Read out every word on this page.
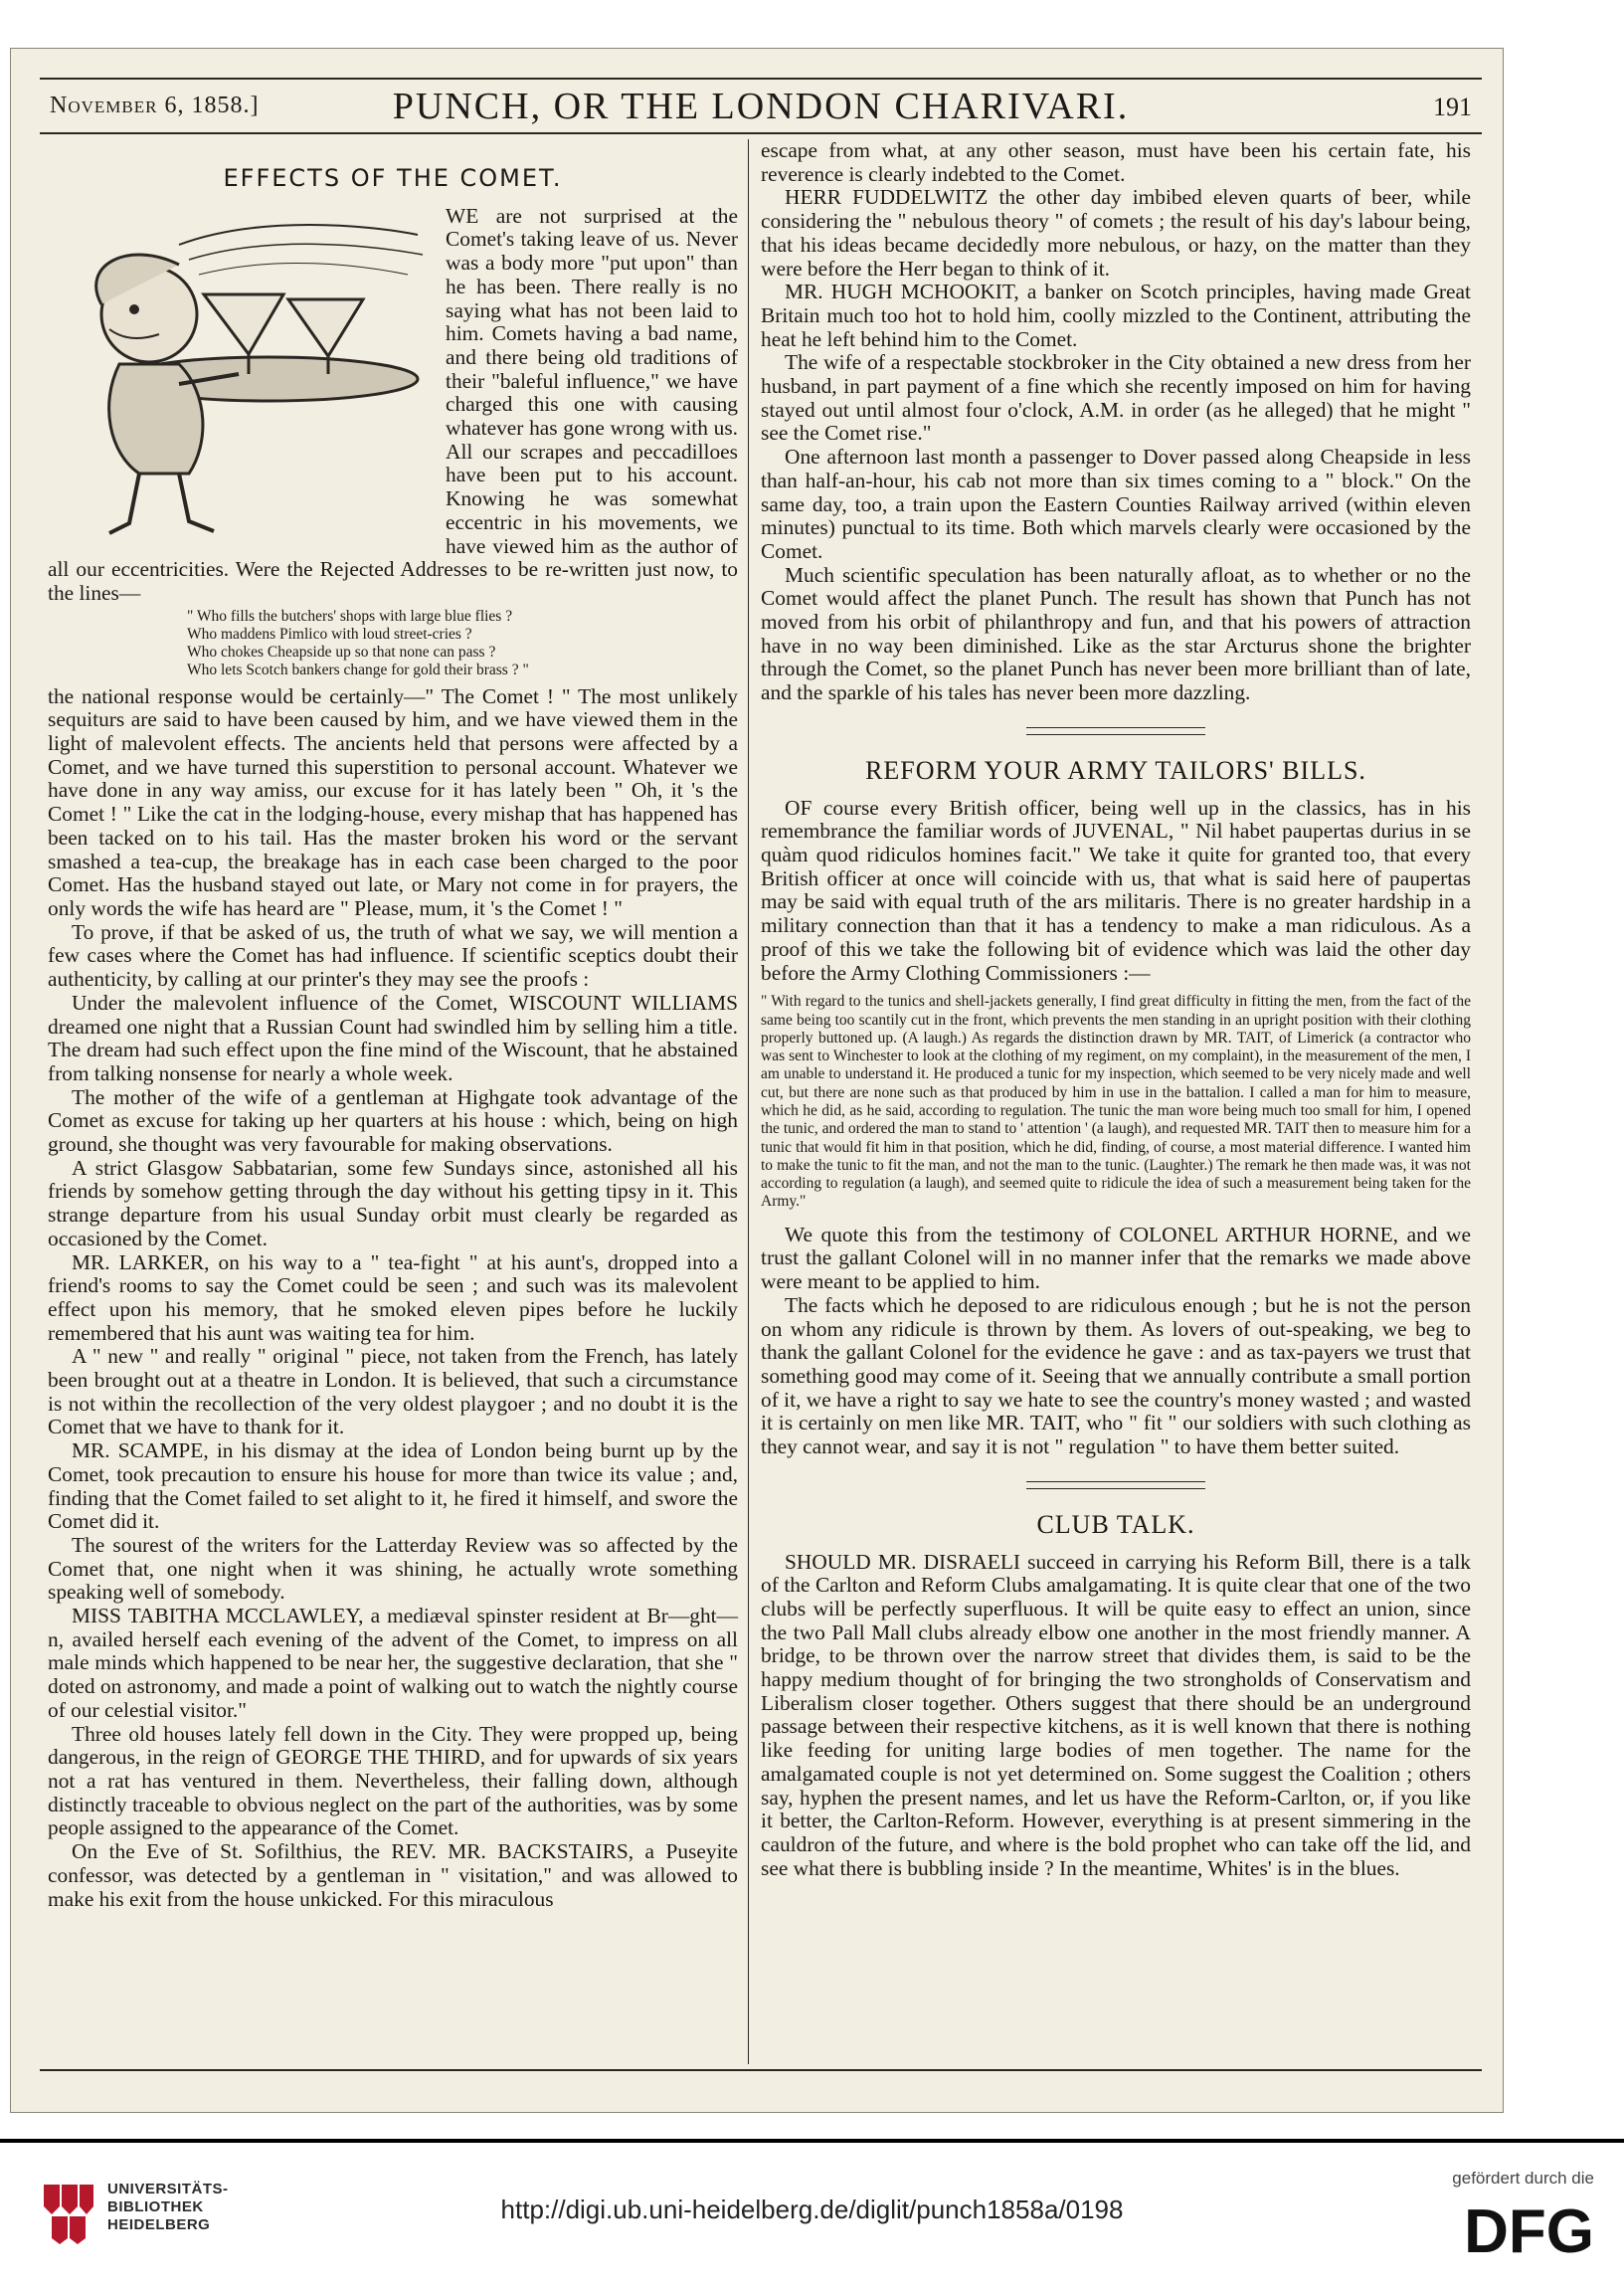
November 6, 1858.]	PUNCH, OR THE LONDON CHARIVARI.	191
EFFECTS OF THE COMET.

WE are not surprised at the Comet's taking leave of us. Never was a body more "put upon" than he has been. There really is no saying what has not been laid to him. Comets having a bad name, and there being old traditions of their "baleful influence," we have charged this one with causing whatever has gone wrong with us. All our scrapes and peccadilloes have been put to his account. Knowing he was somewhat eccentric in his movements, we have viewed him as the author of all our eccentricities. Were the Rejected Addresses to be re-written just now, to the lines—

" Who fills the butchers' shops with large blue flies ?
Who maddens Pimlico with loud street-cries ?
Who chokes Cheapside up so that none can pass ?
Who lets Scotch bankers change for gold their brass ? "

the national response would be certainly—" The Comet ! " The most unlikely sequiturs are said to have been caused by him, and we have viewed them in the light of malevolent effects. The ancients held that persons were affected by a Comet, and we have turned this superstition to personal account. Whatever we have done in any way amiss, our excuse for it has lately been " Oh, it 's the Comet ! " Like the cat in the lodging-house, every mishap that has happened has been tacked on to his tail. Has the master broken his word or the servant smashed a tea-cup, the breakage has in each case been charged to the poor Comet. Has the husband stayed out late, or Mary not come in for prayers, the only words the wife has heard are " Please, mum, it 's the Comet ! "

To prove, if that be asked of us, the truth of what we say, we will mention a few cases where the Comet has had influence. If scientific sceptics doubt their authenticity, by calling at our printer's they may see the proofs :

Under the malevolent influence of the Comet, WISCOUNT WILLIAMS dreamed one night that a Russian Count had swindled him by selling him a title. The dream had such effect upon the fine mind of the Wiscount, that he abstained from talking nonsense for nearly a whole week.

The mother of the wife of a gentleman at Highgate took advantage of the Comet as excuse for taking up her quarters at his house : which, being on high ground, she thought was very favourable for making observations.

A strict Glasgow Sabbatarian, some few Sundays since, astonished all his friends by somehow getting through the day without his getting tipsy in it. This strange departure from his usual Sunday orbit must clearly be regarded as occasioned by the Comet.

MR. LARKER, on his way to a " tea-fight " at his aunt's, dropped into a friend's rooms to say the Comet could be seen ; and such was its malevolent effect upon his memory, that he smoked eleven pipes before he luckily remembered that his aunt was waiting tea for him.

A " new " and really " original " piece, not taken from the French, has lately been brought out at a theatre in London. It is believed, that such a circumstance is not within the recollection of the very oldest playgoer ; and no doubt it is the Comet that we have to thank for it.

MR. SCAMPE, in his dismay at the idea of London being burnt up by the Comet, took precaution to ensure his house for more than twice its value ; and, finding that the Comet failed to set alight to it, he fired it himself, and swore the Comet did it.

The sourest of the writers for the Latterday Review was so affected by the Comet that, one night when it was shining, he actually wrote something speaking well of somebody.

MISS TABITHA MCCLAWLEY, a mediæval spinster resident at Br—ght—n, availed herself each evening of the advent of the Comet, to impress on all male minds which happened to be near her, the suggestive declaration, that she " doted on astronomy, and made a point of walking out to watch the nightly course of our celestial visitor."

Three old houses lately fell down in the City. They were propped up, being dangerous, in the reign of GEORGE THE THIRD, and for upwards of six years not a rat has ventured in them. Nevertheless, their falling down, although distinctly traceable to obvious neglect on the part of the authorities, was by some people assigned to the appearance of the Comet.

On the Eve of St. Sofilthius, the REV. MR. BACKSTAIRS, a Puseyite confessor, was detected by a gentleman in " visitation," and was allowed to make his exit from the house unkicked. For this miraculous

escape from what, at any other season, must have been his certain fate, his reverence is clearly indebted to the Comet.

HERR FUDDELWITZ the other day imbibed eleven quarts of beer, while considering the " nebulous theory " of comets ; the result of his day's labour being, that his ideas became decidedly more nebulous, or hazy, on the matter than they were before the Herr began to think of it.

MR. HUGH MCHOOKIT, a banker on Scotch principles, having made Great Britain much too hot to hold him, coolly mizzled to the Continent, attributing the heat he left behind him to the Comet.

The wife of a respectable stockbroker in the City obtained a new dress from her husband, in part payment of a fine which she recently imposed on him for having stayed out until almost four o'clock, A.M. in order (as he alleged) that he might " see the Comet rise."

One afternoon last month a passenger to Dover passed along Cheapside in less than half-an-hour, his cab not more than six times coming to a " block." On the same day, too, a train upon the Eastern Counties Railway arrived (within eleven minutes) punctual to its time. Both which marvels clearly were occasioned by the Comet.

Much scientific speculation has been naturally afloat, as to whether or no the Comet would affect the planet Punch. The result has shown that Punch has not moved from his orbit of philanthropy and fun, and that his powers of attraction have in no way been diminished. Like as the star Arcturus shone the brighter through the Comet, so the planet Punch has never been more brilliant than of late, and the sparkle of his tales has never been more dazzling.

REFORM YOUR ARMY TAILORS' BILLS.

OF course every British officer, being well up in the classics, has in his remembrance the familiar words of JUVENAL, " Nil habet paupertas durius in se quàm quod ridiculos homines facit." We take it quite for granted too, that every British officer at once will coincide with us, that what is said here of paupertas may be said with equal truth of the ars militaris. There is no greater hardship in a military connection than that it has a tendency to make a man ridiculous. As a proof of this we take the following bit of evidence which was laid the other day before the Army Clothing Commissioners :—

" With regard to the tunics and shell-jackets generally, I find great difficulty in fitting the men, from the fact of the same being too scantily cut in the front, which prevents the men standing in an upright position with their clothing properly buttoned up. (A laugh.) As regards the distinction drawn by MR. TAIT, of Limerick (a contractor who was sent to Winchester to look at the clothing of my regiment, on my complaint), in the measurement of the men, I am unable to understand it. He produced a tunic for my inspection, which seemed to be very nicely made and well cut, but there are none such as that produced by him in use in the battalion. I called a man for him to measure, which he did, as he said, according to regulation. The tunic the man wore being much too small for him, I opened the tunic, and ordered the man to stand to ' attention ' (a laugh), and requested MR. TAIT then to measure him for a tunic that would fit him in that position, which he did, finding, of course, a most material difference. I wanted him to make the tunic to fit the man, and not the man to the tunic. (Laughter.) The remark he then made was, it was not according to regulation (a laugh), and seemed quite to ridicule the idea of such a measurement being taken for the Army."

We quote this from the testimony of COLONEL ARTHUR HORNE, and we trust the gallant Colonel will in no manner infer that the remarks we made above were meant to be applied to him.

The facts which he deposed to are ridiculous enough ; but he is not the person on whom any ridicule is thrown by them. As lovers of out-speaking, we beg to thank the gallant Colonel for the evidence he gave : and as tax-payers we trust that something good may come of it. Seeing that we annually contribute a small portion of it, we have a right to say we hate to see the country's money wasted ; and wasted it is certainly on men like MR. TAIT, who " fit " our soldiers with such clothing as they cannot wear, and say it is not " regulation " to have them better suited.

CLUB TALK.

SHOULD MR. DISRAELI succeed in carrying his Reform Bill, there is a talk of the Carlton and Reform Clubs amalgamating. It is quite clear that one of the two clubs will be perfectly superfluous. It will be quite easy to effect an union, since the two Pall Mall clubs already elbow one another in the most friendly manner. A bridge, to be thrown over the narrow street that divides them, is said to be the happy medium thought of for bringing the two strongholds of Conservatism and Liberalism closer together. Others suggest that there should be an underground passage between their respective kitchens, as it is well known that there is nothing like feeding for uniting large bodies of men together. The name for the amalgamated couple is not yet determined on. Some suggest the Coalition ; others say, hyphen the present names, and let us have the Reform-Carlton, or, if you like it better, the Carlton-Reform. However, everything is at present simmering in the cauldron of the future, and where is the bold prophet who can take off the lid, and see what there is bubbling inside ? In the meantime, Whites' is in the blues.

UNIVERSITÄTS-
BIBLIOTHEK
HEIDELBERG
http://digi.ub.uni-heidelberg.de/diglit/punch1858a/0198
gefördert durch die
DFG
